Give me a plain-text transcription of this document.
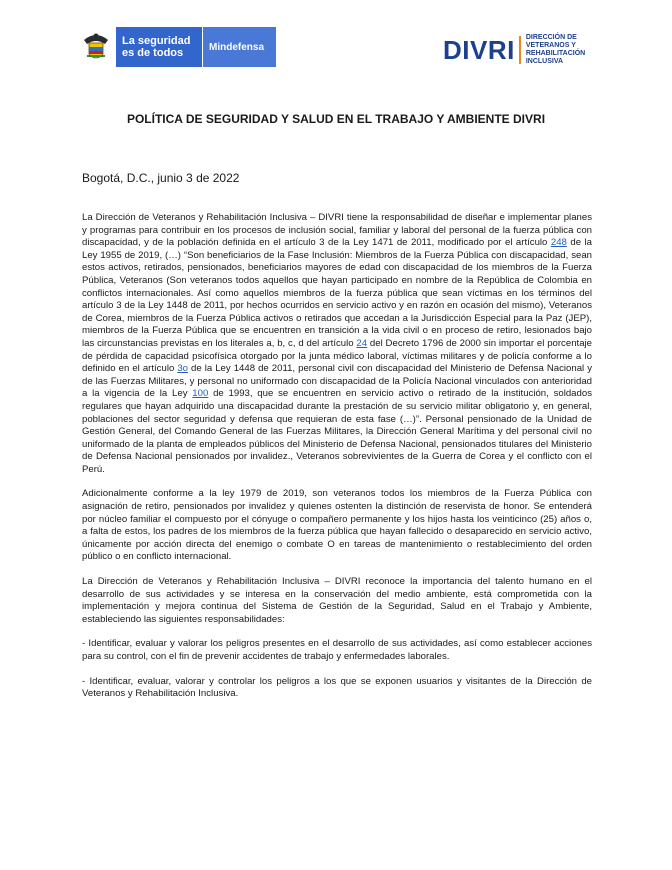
La seguridad
es de todos	Mindefensa	DIVRI DIRECCIÓN DE VETERANOS Y REHABILITACIÓN INCLUSIVA
POLÍTICA DE SEGURIDAD Y SALUD EN EL TRABAJO Y AMBIENTE DIVRI

Bogotá, D.C., junio 3 de 2022

La Dirección de Veteranos y Rehabilitación Inclusiva – DIVRI tiene la responsabilidad de diseñar e implementar planes y programas para contribuir en los procesos de inclusión social, familiar y laboral del personal de la fuerza pública con discapacidad, y de la población definida en el artículo 3 de la Ley 1471 de 2011, modificado por el artículo 248 de la Ley 1955 de 2019, (…) “Son beneficiarios de la Fase Inclusión: Miembros de la Fuerza Pública con discapacidad, sean estos activos, retirados, pensionados, beneficiarios mayores de edad con discapacidad de los miembros de la Fuerza Pública, Veteranos (Son veteranos todos aquellos que hayan participado en nombre de la República de Colombia en conflictos internacionales. Así como aquellos miembros de la fuerza pública que sean víctimas en los términos del artículo 3 de la Ley 1448 de 2011, por hechos ocurridos en servicio activo y en razón en ocasión del mismo), Veteranos de Corea, miembros de la Fuerza Pública activos o retirados que accedan a la Jurisdicción Especial para la Paz (JEP), miembros de la Fuerza Pública que se encuentren en transición a la vida civil o en proceso de retiro, lesionados bajo las circunstancias previstas en los literales a, b, c, d del artículo 24 del Decreto 1796 de 2000 sin importar el porcentaje de pérdida de capacidad psicofísica otorgado por la junta médico laboral, víctimas militares y de policía conforme a lo definido en el artículo 3o de la Ley 1448 de 2011, personal civil con discapacidad del Ministerio de Defensa Nacional y de las Fuerzas Militares, y personal no uniformado con discapacidad de la Policía Nacional vinculados con anterioridad a la vigencia de la Ley 100 de 1993, que se encuentren en servicio activo o retirado de la institución, soldados regulares que hayan adquirido una discapacidad durante la prestación de su servicio militar obligatorio y, en general, poblaciones del sector seguridad y defensa que requieran de esta fase (…)”. Personal pensionado de la Unidad de Gestión General, del Comando General de las Fuerzas Militares, la Dirección General Marítima y del personal civil no uniformado de la planta de empleados públicos del Ministerio de Defensa Nacional, pensionados titulares del Ministerio de Defensa Nacional pensionados por invalidez., Veteranos sobrevivientes de la Guerra de Corea y el conflicto con el Perú.

Adicionalmente conforme a la ley 1979 de 2019, son veteranos todos los miembros de la Fuerza Pública con asignación de retiro, pensionados por invalidez y quienes ostenten la distinción de reservista de honor. Se entenderá por núcleo familiar el compuesto por el cónyuge o compañero permanente y los hijos hasta los veinticinco (25) años o, a falta de estos, los padres de los miembros de la fuerza pública que hayan fallecido o desaparecido en servicio activo, únicamente por acción directa del enemigo o combate O en tareas de mantenimiento o restablecimiento del orden público o en conflicto internacional.

La Dirección de Veteranos y Rehabilitación Inclusiva – DIVRI reconoce la importancia del talento humano en el desarrollo de sus actividades y se interesa en la conservación del medio ambiente, está comprometida con la implementación y mejora continua del Sistema de Gestión de la Seguridad, Salud en el Trabajo y Ambiente, estableciendo las siguientes responsabilidades:

- Identificar, evaluar y valorar los peligros presentes en el desarrollo de sus actividades, así como establecer acciones para su control, con el fin de prevenir accidentes de trabajo y enfermedades laborales.

- Identificar, evaluar, valorar y controlar los peligros a los que se exponen usuarios y visitantes de la Dirección de Veteranos y Rehabilitación Inclusiva.
